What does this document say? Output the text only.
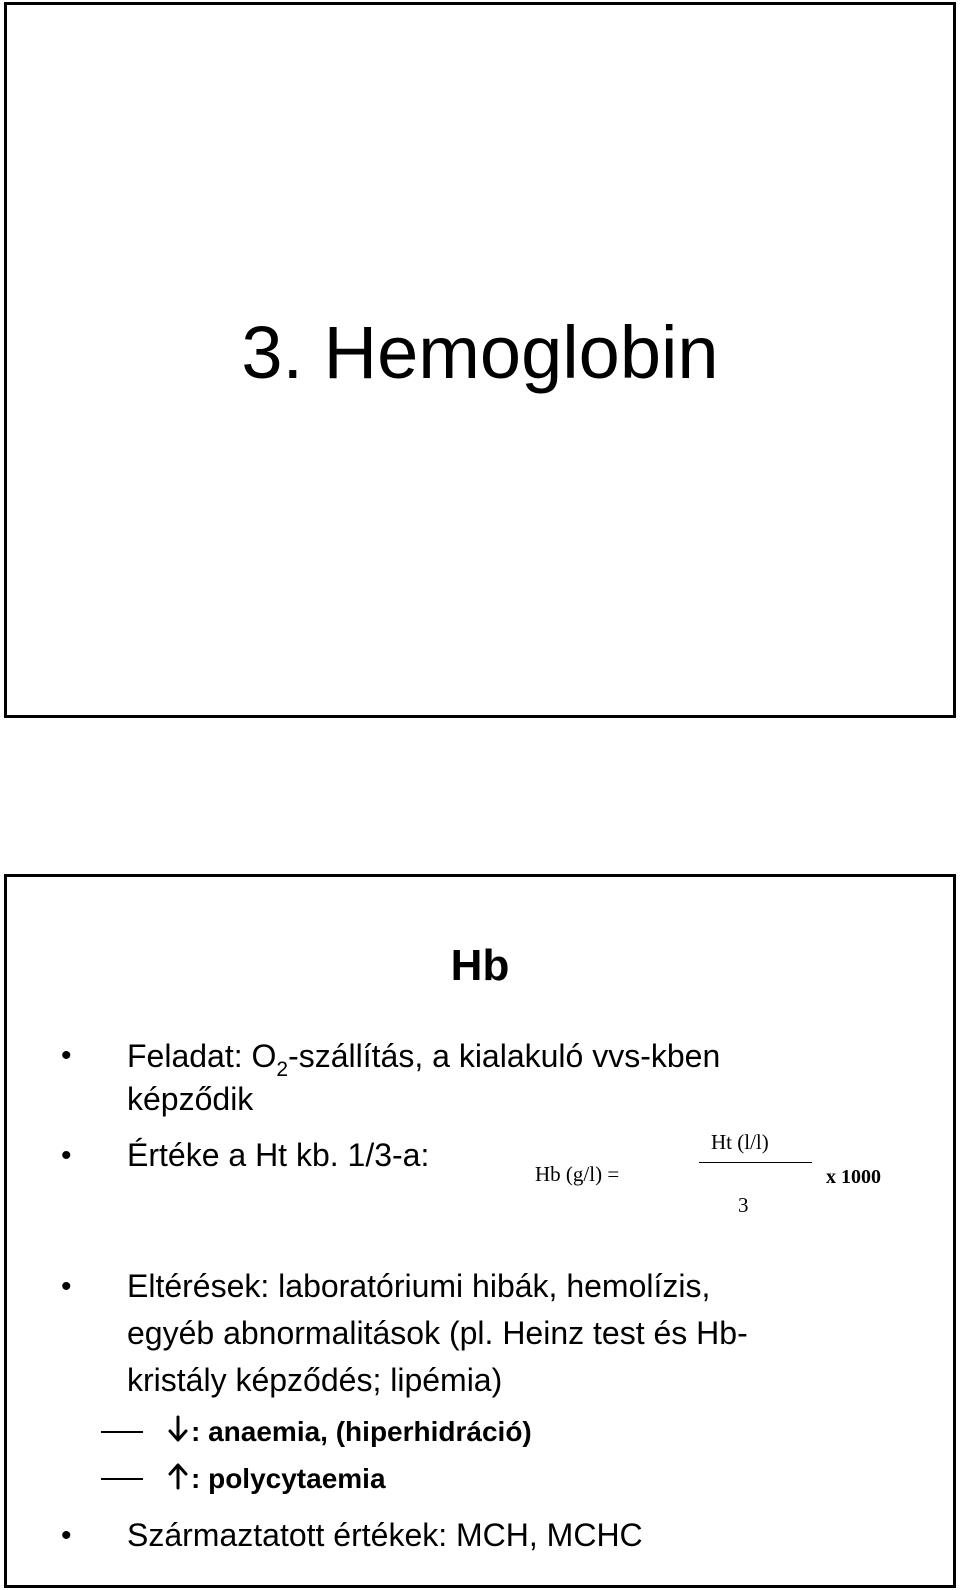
3. Hemoglobin
Hb
• Feladat: $O_2$-szállítás, a kialakuló vvs-kben
képződik
• Értéke a Ht kb. 1/3-a:
Hb (g/l) =
Ht (l/l)
3
x 1000
• Eltérések: laboratóriumi hibák, hemolízis,
egyéb abnormalitások (pl. Heinz test és Hb-
kristály képződés; lipémia)
: anaemia, (hiperhidráció)
: polycytaemia
• Származtatott értékek: MCH, MCHC
